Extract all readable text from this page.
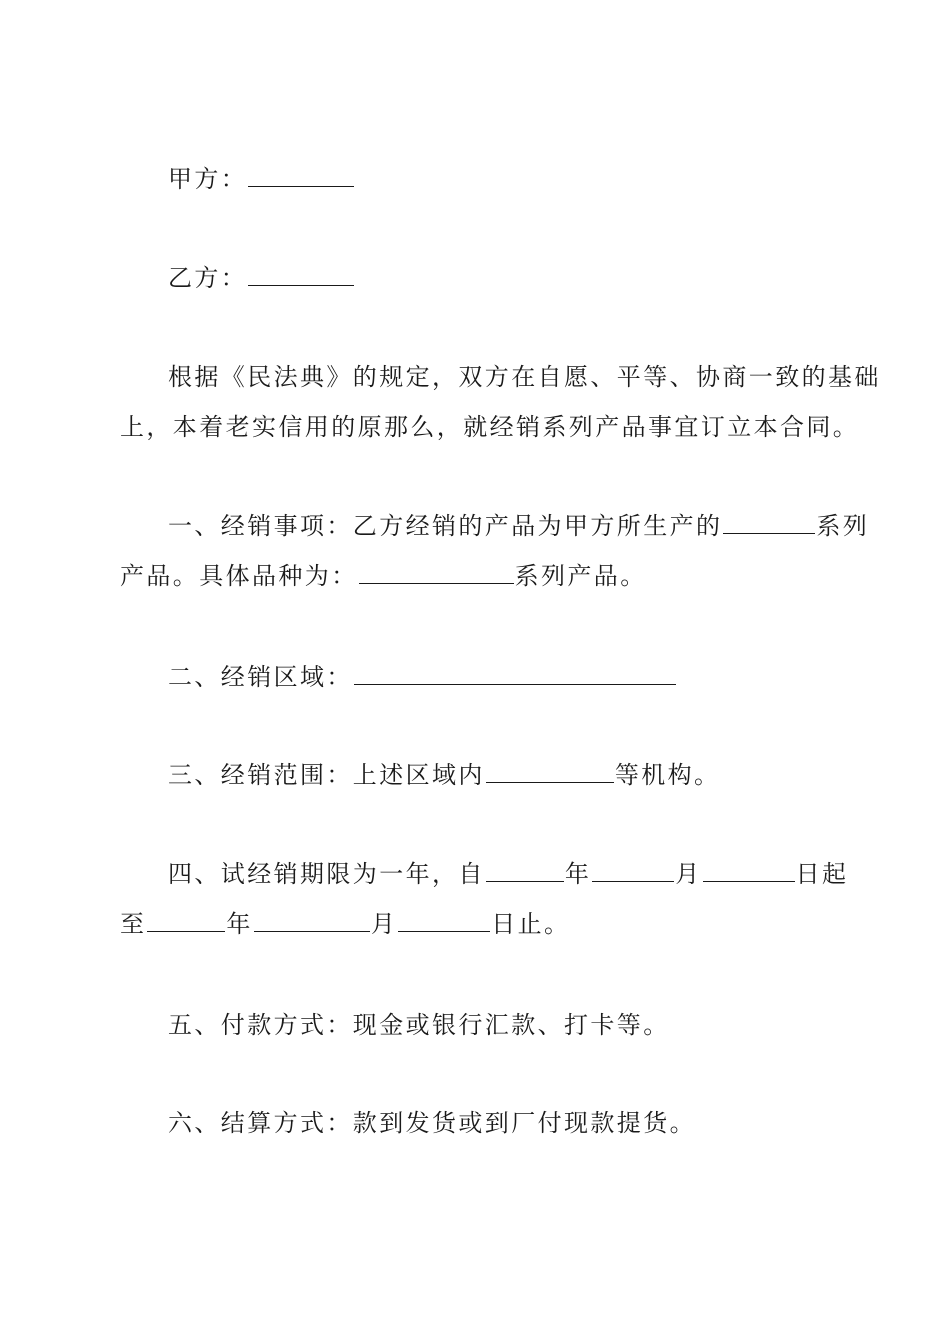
甲方：
乙方：
根据《民法典》的规定，双方在自愿、平等、协商一致的基础
上，本着老实信用的原那么，就经销系列产品事宜订立本合同。
一、经销事项：乙方经销的产品为甲方所生产的	系列
产品。具体品种为：	系列产品。
二、经销区域：
三、经销范围：上述区域内	等机构。
四、试经销期限为一年，自	年	月	日起
至	年	月	日止。
五、付款方式：现金或银行汇款、打卡等。
六、结算方式：款到发货或到厂付现款提货。
